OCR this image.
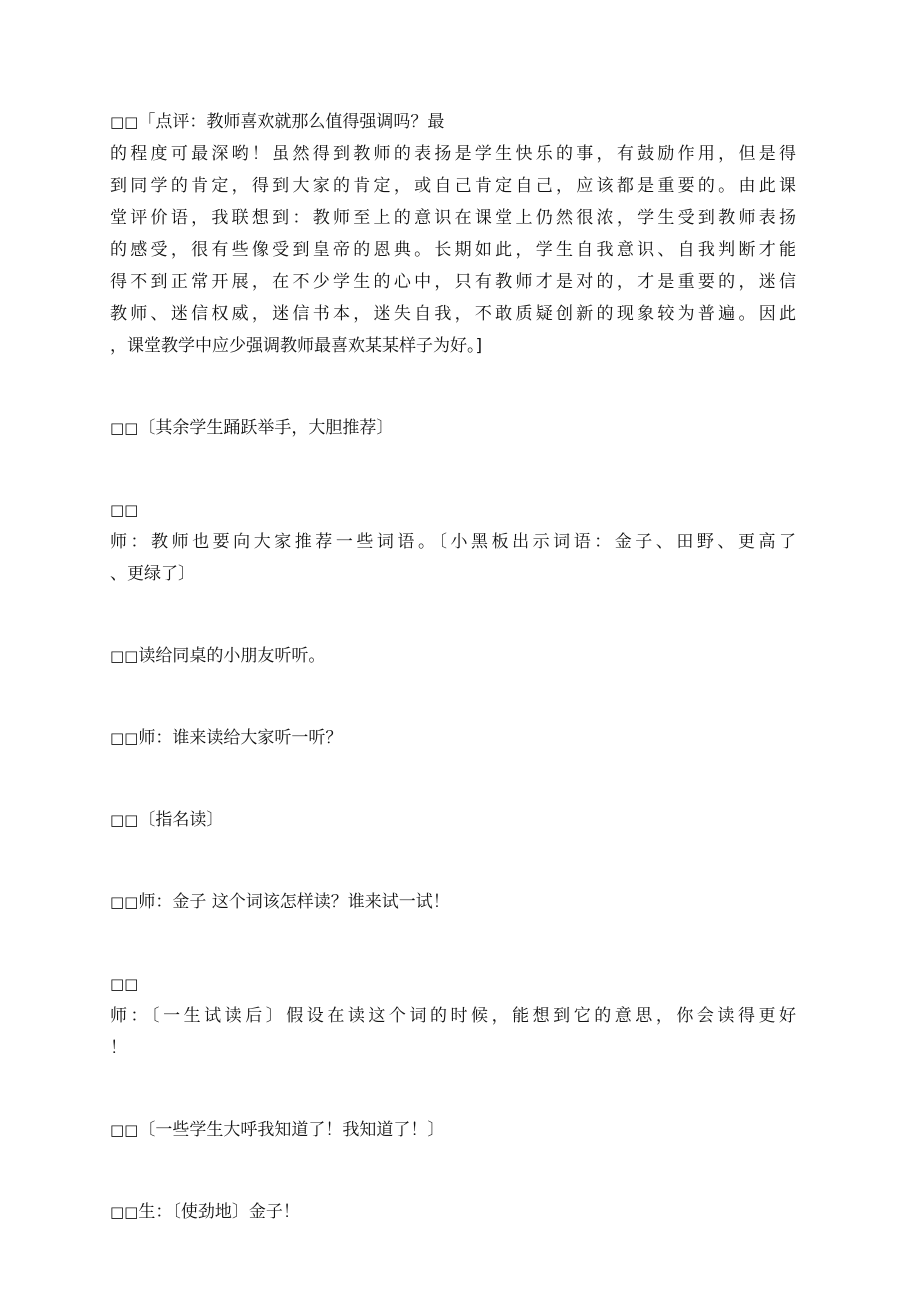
□□「点评：教师喜欢就那么值得强调吗？最
的程度可最深哟！虽然得到教师的表扬是学生快乐的事，有鼓励作用，但是得
到同学的肯定，得到大家的肯定，或自己肯定自己，应该都是重要的。由此课
堂评价语，我联想到：教师至上的意识在课堂上仍然很浓，学生受到教师表扬
的感受，很有些像受到皇帝的恩典。长期如此，学生自我意识、自我判断才能
得不到正常开展，在不少学生的心中，只有教师才是对的，才是重要的，迷信
教师、迷信权威，迷信书本，迷失自我，不敢质疑创新的现象较为普遍。因此
，课堂教学中应少强调教师最喜欢某某样子为好。]
□□〔其余学生踊跃举手，大胆推荐〕
□□
师：教师也要向大家推荐一些词语。〔小黑板出示词语：金子、田野、更高了
、更绿了〕
□□读给同桌的小朋友听听。
□□师：谁来读给大家听一听？
□□〔指名读〕
□□师：金子 这个词该怎样读？谁来试一试！
□□
师：〔一生试读后〕假设在读这个词的时候，能想到它的意思，你会读得更好
！
□□〔一些学生大呼我知道了！我知道了！〕
□□生：〔使劲地〕金子！
